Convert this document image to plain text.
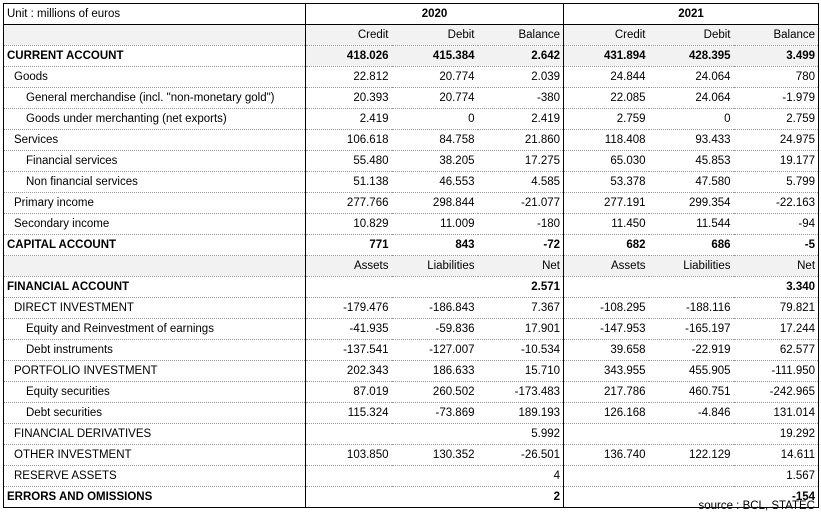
Unit : millions of euros	2020			2021		
	Credit	Debit	Balance	Credit	Debit	Balance
CURRENT ACCOUNT	418.026	415.384	2.642	431.894	428.395	3.499
Goods	22.812	20.774	2.039	24.844	24.064	780
General merchandise (incl. "non-monetary gold")	20.393	20.774	-380	22.085	24.064	-1.979
Goods under merchanting (net exports)	2.419	0	2.419	2.759	0	2.759
Services	106.618	84.758	21.860	118.408	93.433	24.975
Financial services	55.480	38.205	17.275	65.030	45.853	19.177
Non financial services	51.138	46.553	4.585	53.378	47.580	5.799
Primary income	277.766	298.844	-21.077	277.191	299.354	-22.163
Secondary income	10.829	11.009	-180	11.450	11.544	-94
CAPITAL ACCOUNT	771	843	-72	682	686	-5
	Assets	Liabilities	Net	Assets	Liabilities	Net
FINANCIAL ACCOUNT			2.571			3.340
DIRECT INVESTMENT	-179.476	-186.843	7.367	-108.295	-188.116	79.821
Equity and Reinvestment of earnings	-41.935	-59.836	17.901	-147.953	-165.197	17.244
Debt instruments	-137.541	-127.007	-10.534	39.658	-22.919	62.577
PORTFOLIO INVESTMENT	202.343	186.633	15.710	343.955	455.905	-111.950
Equity securities	87.019	260.502	-173.483	217.786	460.751	-242.965
Debt securities	115.324	-73.869	189.193	126.168	-4.846	131.014
FINANCIAL DERIVATIVES			5.992			19.292
OTHER INVESTMENT	103.850	130.352	-26.501	136.740	122.129	14.611
RESERVE ASSETS			4			1.567
ERRORS AND OMISSIONS			2			-154
source : BCL, STATEC
